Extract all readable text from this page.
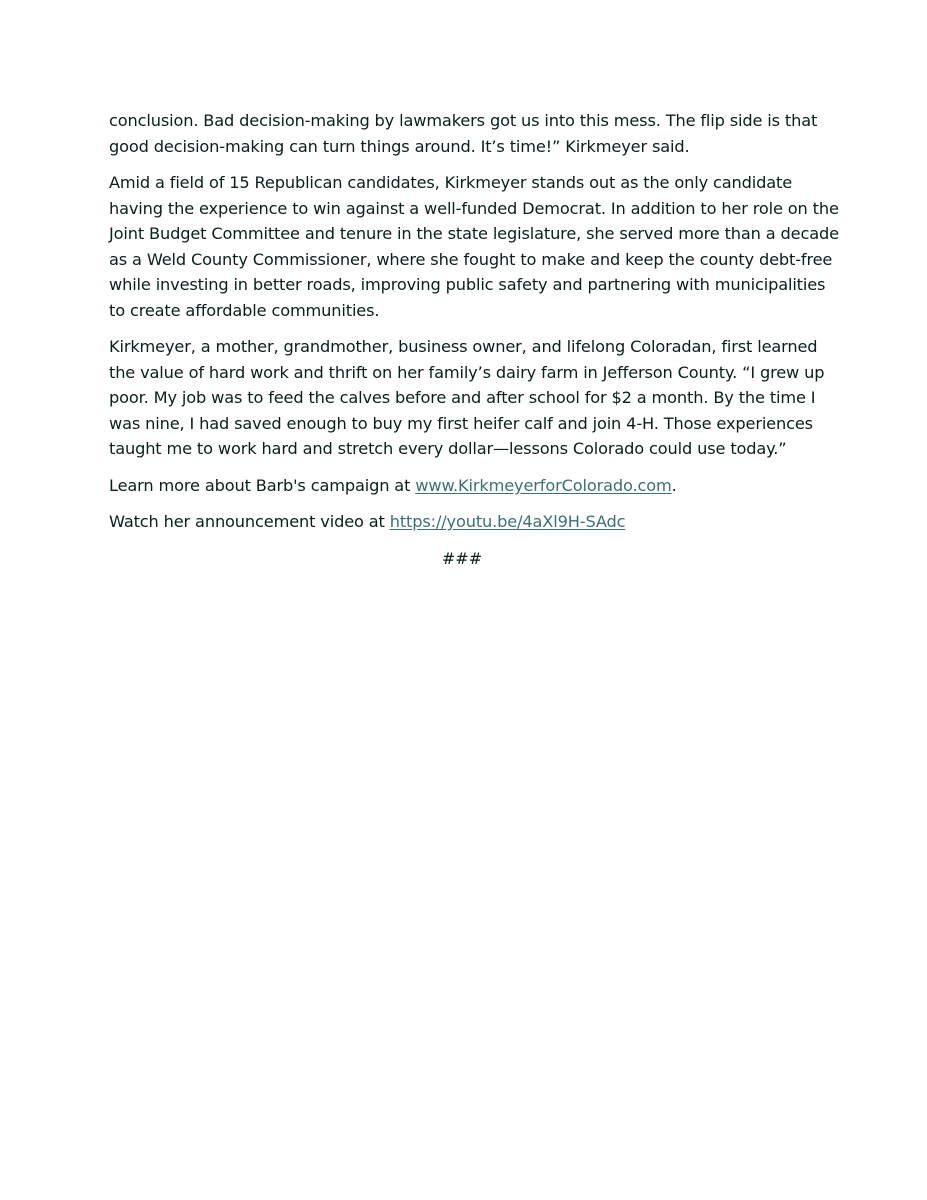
conclusion. Bad decision-making by lawmakers got us into this mess. The flip side is that
good decision-making can turn things around. It’s time!” Kirkmeyer said.

Amid a field of 15 Republican candidates, Kirkmeyer stands out as the only candidate
having the experience to win against a well-funded Democrat. In addition to her role on the
Joint Budget Committee and tenure in the state legislature, she served more than a decade
as a Weld County Commissioner, where she fought to make and keep the county debt-free
while investing in better roads, improving public safety and partnering with municipalities
to create affordable communities.

Kirkmeyer, a mother, grandmother, business owner, and lifelong Coloradan, first learned
the value of hard work and thrift on her family’s dairy farm in Jefferson County. “I grew up
poor. My job was to feed the calves before and after school for $2 a month. By the time I
was nine, I had saved enough to buy my first heifer calf and join 4-H. Those experiences
taught me to work hard and stretch every dollar—lessons Colorado could use today.”

Learn more about Barb's campaign at www.KirkmeyerforColorado.com.

Watch her announcement video at https://youtu.be/4aXl9H-SAdc

###
